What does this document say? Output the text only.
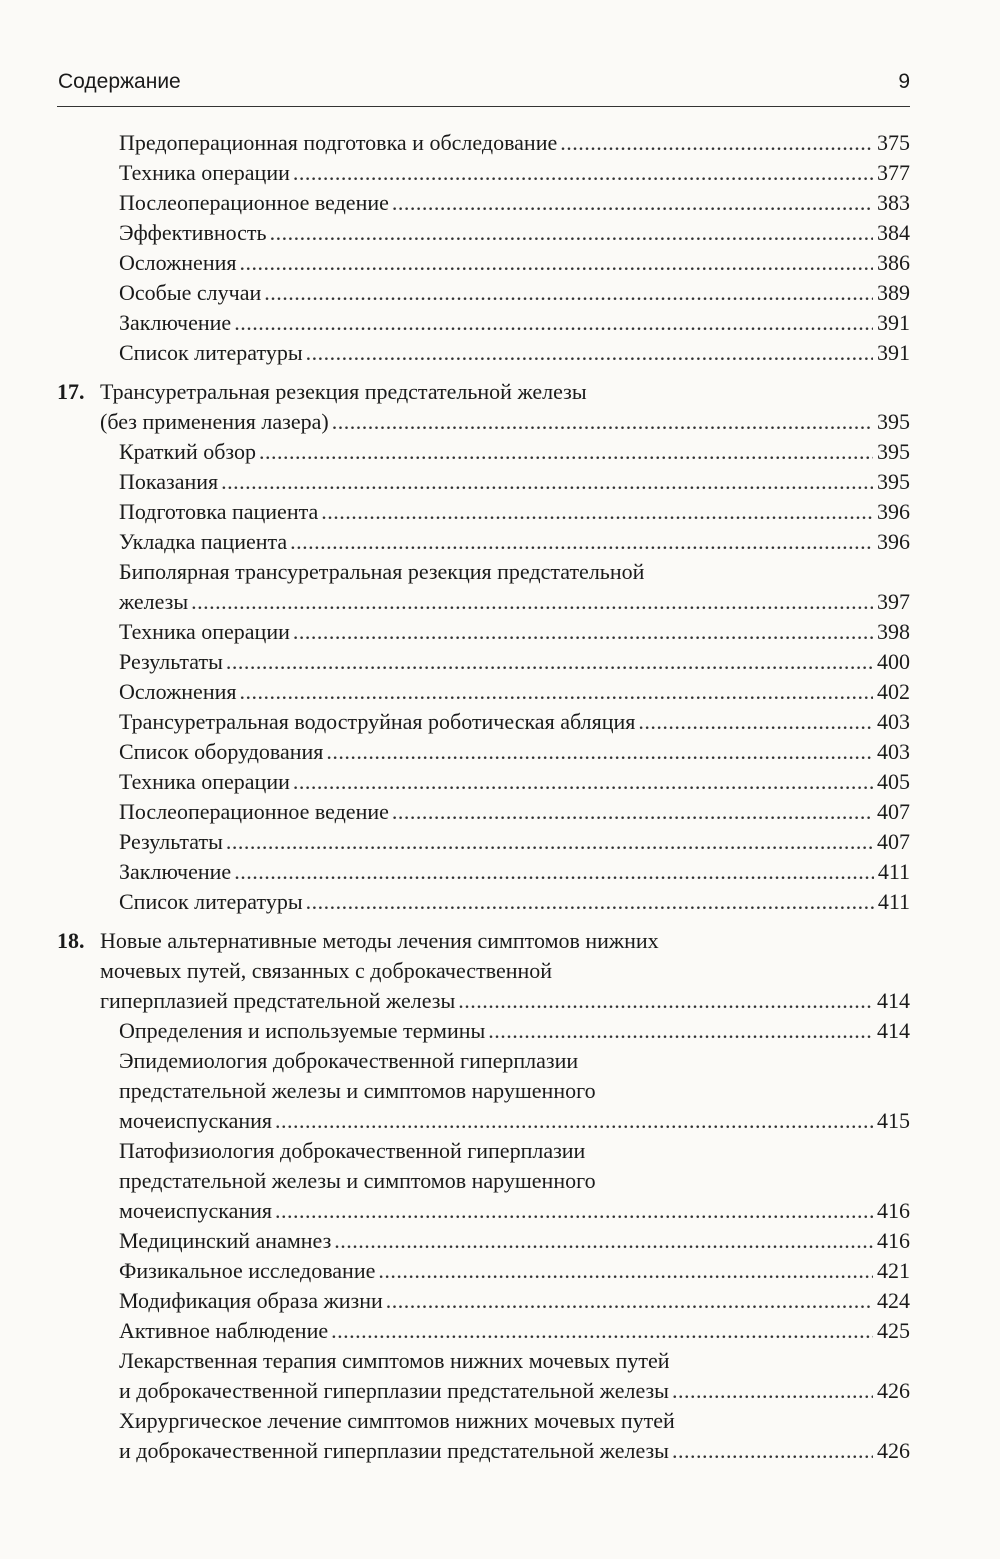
Содержание	9
Предоперационная подготовка и обследование .....	375
Техника операции .....	377
Послеоперационное ведение .....	383
Эффективность .....	384
Осложнения .....	386
Особые случаи .....	389
Заключение .....	391
Список литературы .....	391
17. Трансуретральная резекция предстательной железы
(без применения лазера) .....	395
Краткий обзор .....	395
Показания .....	395
Подготовка пациента .....	396
Укладка пациента .....	396
Биполярная трансуретральная резекция предстательной
железы .....	397
Техника операции .....	398
Результаты .....	400
Осложнения .....	402
Трансуретральная водоструйная роботическая абляция .....	403
Список оборудования .....	403
Техника операции .....	405
Послеоперационное ведение .....	407
Результаты .....	407
Заключение .....	411
Список литературы .....	411
18. Новые альтернативные методы лечения симптомов нижних
мочевых путей, связанных с доброкачественной
гиперплазией предстательной железы .....	414
Определения и используемые термины .....	414
Эпидемиология доброкачественной гиперплазии
предстательной железы и симптомов нарушенного
мочеиспускания .....	415
Патофизиология доброкачественной гиперплазии
предстательной железы и симптомов нарушенного
мочеиспускания .....	416
Медицинский анамнез .....	416
Физикальное исследование .....	421
Модификация образа жизни .....	424
Активное наблюдение .....	425
Лекарственная терапия симптомов нижних мочевых путей
и доброкачественной гиперплазии предстательной железы .....	426
Хирургическое лечение симптомов нижних мочевых путей
и доброкачественной гиперплазии предстательной железы .....	426
